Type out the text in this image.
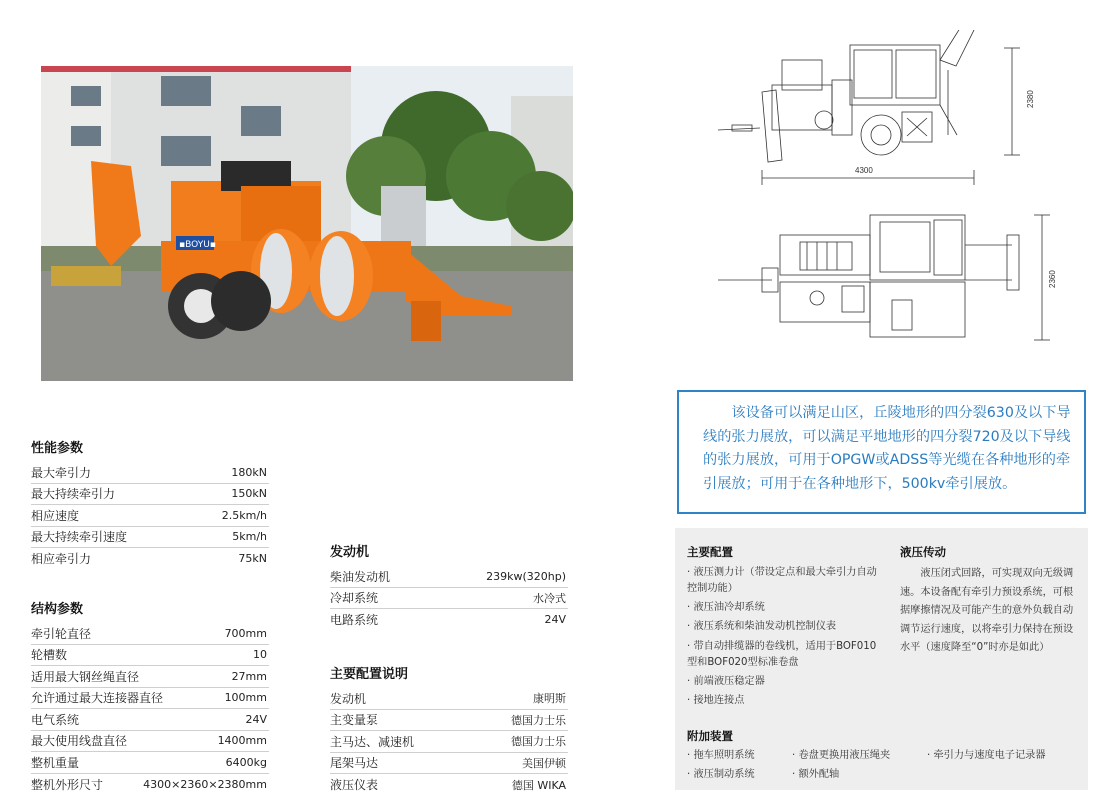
▪BOYU▪
性能参数
最大牵引力	180kN
最大持续牵引力	150kN
相应速度	2.5km/h
最大持续牵引速度	5km/h
相应牵引力	75kN
结构参数
牵引轮直径	700mm
轮槽数	10
适用最大钢丝绳直径	27mm
允许通过最大连接器直径	100mm
电气系统	24V
最大使用线盘直径	1400mm
整机重量	6400kg
整机外形尺寸	4300×2360×2380mm
发动机
柴油发动机	239kw(320hp)
冷却系统	水冷式
电路系统	24V
主要配置说明
发动机	康明斯
主变量泵	德国力士乐
主马达、减速机	德国力士乐
尾架马达	美国伊顿
液压仪表	德国 WIKA
4300
2380
2360

该设备可以满足山区，丘陵地形的四分裂630及以下导线的张力展放，可以满足平地地形的四分裂720及以下导线的张力展放，可用于OPGW或ADSS等光缆在各种地形的牵引展放；可用于在各种地形下，500kv牵引展放。

主要配置
· 液压测力计（带设定点和最大牵引力自动控制功能）
· 液压油冷却系统
· 液压系统和柴油发动机控制仪表
· 带自动排缆器的卷线机，适用于BOF010型和BOF020型标准卷盘
· 前端液压稳定器
· 接地连接点
液压传动
液压闭式回路，可实现双向无级调速。本设备配有牵引力预设系统，可根据摩擦情况及可能产生的意外负载自动调节运行速度，以将牵引力保持在预设水平（速度降至“0”时亦是如此）
附加装置
· 拖车照明系统	· 卷盘更换用液压绳夹	· 牵引力与速度电子记录器
· 液压制动系统	· 额外配轴
